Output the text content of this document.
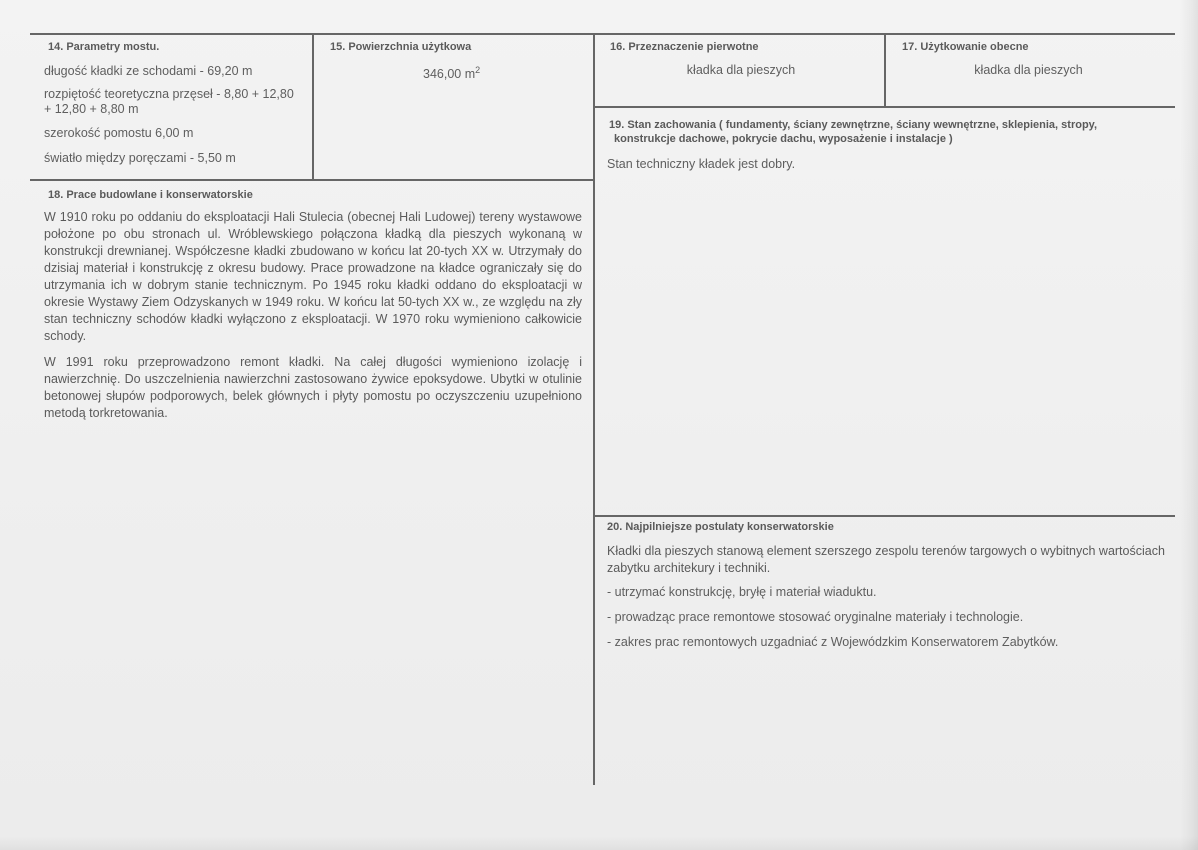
14. Parametry mostu.
długość kładki ze schodami - 69,20 m
rozpiętość teoretyczna przęseł - 8,80 + 12,80 + 12,80 + 8,80 m
szerokość pomostu 6,00 m
światło między poręczami - 5,50 m
15. Powierzchnia użytkowa
346,00 $m^2$
16. Przeznaczenie pierwotne
kładka dla pieszych
17. Użytkowanie obecne
kładka dla pieszych
18. Prace budowlane i konserwatorskie

W 1910 roku po oddaniu do eksploatacji Hali Stulecia (obecnej Hali Ludowej) tereny wystawowe położone po obu stronach ul. Wróblewskiego połączona kładką dla pieszych wykonaną w konstrukcji drewnianej. Współczesne kładki zbudowano w końcu lat 20-tych XX w. Utrzymały do dzisiaj materiał i konstrukcję z okresu budowy. Prace prowadzone na kładce ograniczały się do utrzymania ich w dobrym stanie technicznym. Po 1945 roku kładki oddano do eksploatacji w okresie Wystawy Ziem Odzyskanych w 1949 roku. W końcu lat 50-tych XX w., ze względu na zły stan techniczny schodów kładki wyłączono z eksploatacji. W 1970 roku wymieniono całkowicie schody.

W 1991 roku przeprowadzono remont kładki. Na całej długości wymieniono izolację i nawierzchnię. Do uszczelnienia nawierzchni zastosowano żywice epoksydowe. Ubytki w otulinie betonowej słupów podporowych, belek głównych i płyty pomostu po oczyszczeniu uzupełniono metodą torkretowania.

19. Stan zachowania ( fundamenty, ściany zewnętrzne, ściany wewnętrzne, sklepienia, stropy,
konstrukcje dachowe, pokrycie dachu, wyposażenie i instalacje )
Stan techniczny kładek jest dobry.
20. Najpilniejsze postulaty konserwatorskie

Kładki dla pieszych stanową element szerszego zespolu terenów targowych o wybitnych wartościach zabytku architekury i techniki.

- utrzymać konstrukcję, bryłę i materiał wiaduktu.
- prowadząc prace remontowe stosować oryginalne materiały i technologie.
- zakres prac remontowych uzgadniać z Wojewódzkim Konserwatorem Zabytków.
